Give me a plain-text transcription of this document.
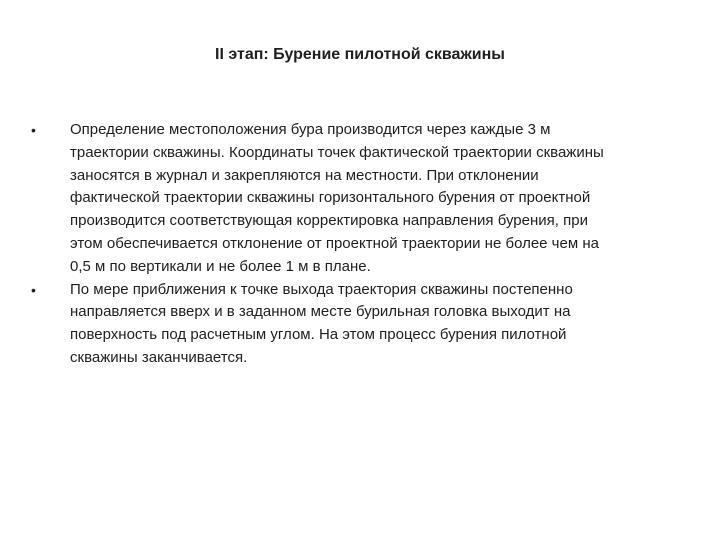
II этап: Бурение пилотной скважины
• Определение местоположения бура производится через каждые 3 м
траектории скважины. Координаты точек фактической траектории скважины
заносятся в журнал и закрепляются на местности. При отклонении
фактической траектории скважины горизонтального бурения от проектной
производится соответствующая корректировка направления бурения, при
этом обеспечивается отклонение от проектной траектории не более чем на
0,5 м по вертикали и не более 1 м в плане.
• По мере приближения к точке выхода траектория скважины постепенно
направляется вверх и в заданном месте бурильная головка выходит на
поверхность под расчетным углом. На этом процесс бурения пилотной
скважины заканчивается.
